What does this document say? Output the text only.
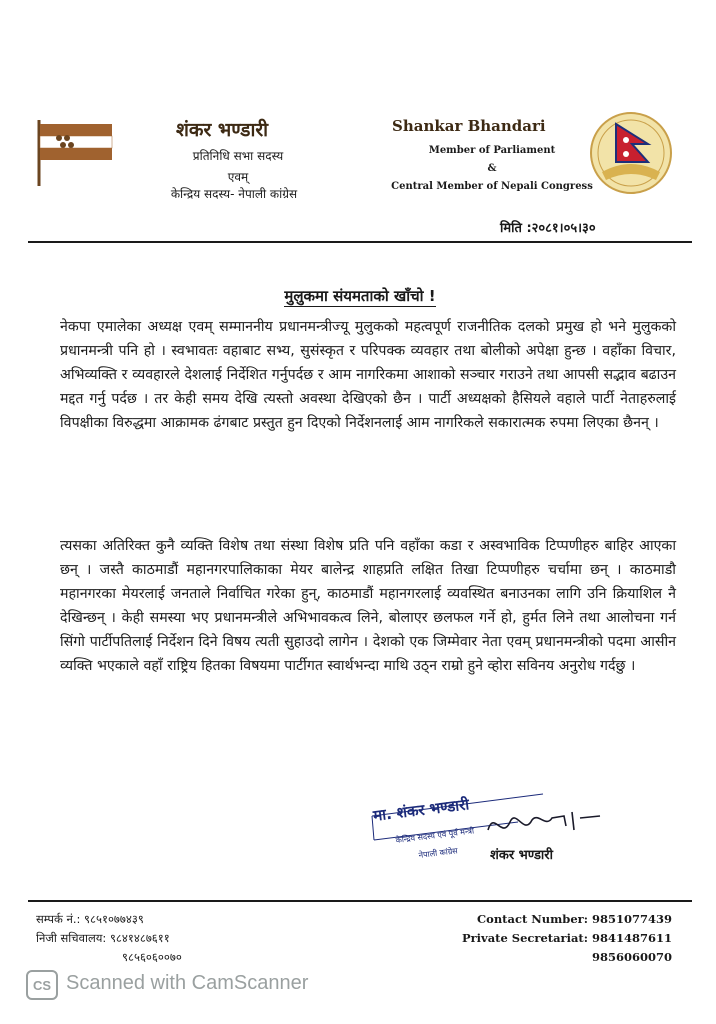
शंकर भण्डारी
प्रतिनिधि सभा सदस्य
एवम्
केन्द्रिय सदस्य- नेपाली कांग्रेस
Shankar Bhandari
Member of Parliament
&
Central Member of Nepali Congress
मिति :२०८१।०५।३०
मुलुकमा संयमताको खाँचो !
नेकपा एमालेका अध्यक्ष एवम् सम्माननीय प्रधानमन्त्रीज्यू मुलुकको महत्वपूर्ण राजनीतिक दलको प्रमुख हो भने मुलुकको प्रधानमन्त्री पनि हो । स्वभावतः वहाबाट सभ्य, सुसंस्कृत र परिपक्क व्यवहार तथा बोलीको अपेक्षा हुन्छ । वहाँका विचार, अभिव्यक्ति र व्यवहारले देशलाई निर्देशित गर्नुपर्दछ र आम नागरिकमा आशाको सञ्चार गराउने तथा आपसी सद्भाव बढाउन मद्दत गर्नु पर्दछ । तर केही समय देखि त्यस्तो अवस्था देखिएको छैन । पार्टी अध्यक्षको हैसियले वहाले पार्टी नेताहरुलाई विपक्षीका विरुद्धमा आक्रामक ढंगबाट प्रस्तुत हुन दिएको निर्देशनलाई आम नागरिकले सकारात्मक रुपमा लिएका छैनन् ।
त्यसका अतिरिक्त कुनै व्यक्ति विशेष तथा संस्था विशेष प्रति पनि वहाँका कडा र अस्वभाविक टिप्पणीहरु बाहिर आएका छन् । जस्तै काठमाडौं महानगरपालिकाका मेयर बालेन्द्र शाहप्रति लक्षित तिखा टिप्पणीहरु चर्चामा छन् । काठमाडौ महानगरका मेयरलाई जनताले निर्वाचित गरेका हुन्, काठमाडौं महानगरलाई व्यवस्थित बनाउनका लागि उनि क्रियाशिल नै देखिन्छन् । केही समस्या भए प्रधानमन्त्रीले अभिभावकत्व लिने, बोलाएर छलफल गर्ने हो, हुर्मत लिने तथा आलोचना गर्न सिंगो पार्टीपतिलाई निर्देशन दिने विषय त्यती सुहाउदो लागेन । देशको एक जिम्मेवार नेता एवम् प्रधानमन्त्रीको पदमा आसीन व्यक्ति भएकाले वहाँ राष्ट्रिय हितका विषयमा पार्टीगत स्वार्थभन्दा माथि उठ्न राम्रो हुने व्होरा सविनय अनुरोध गर्दछु ।
मा. शंकर भण्डारी
केन्द्रिय सदस्य एवं पूर्व मन्त्री
नेपाली कांग्रेस शंकर भण्डारी
सम्पर्क नं.: ९८५१०७७४३९
निजी सचिवालय: ९८४१४८७६११
९८५६०६००७०
Contact Number: 9851077439
Private Secretariat: 9841487611
9856060070
CS Scanned with CamScanner
